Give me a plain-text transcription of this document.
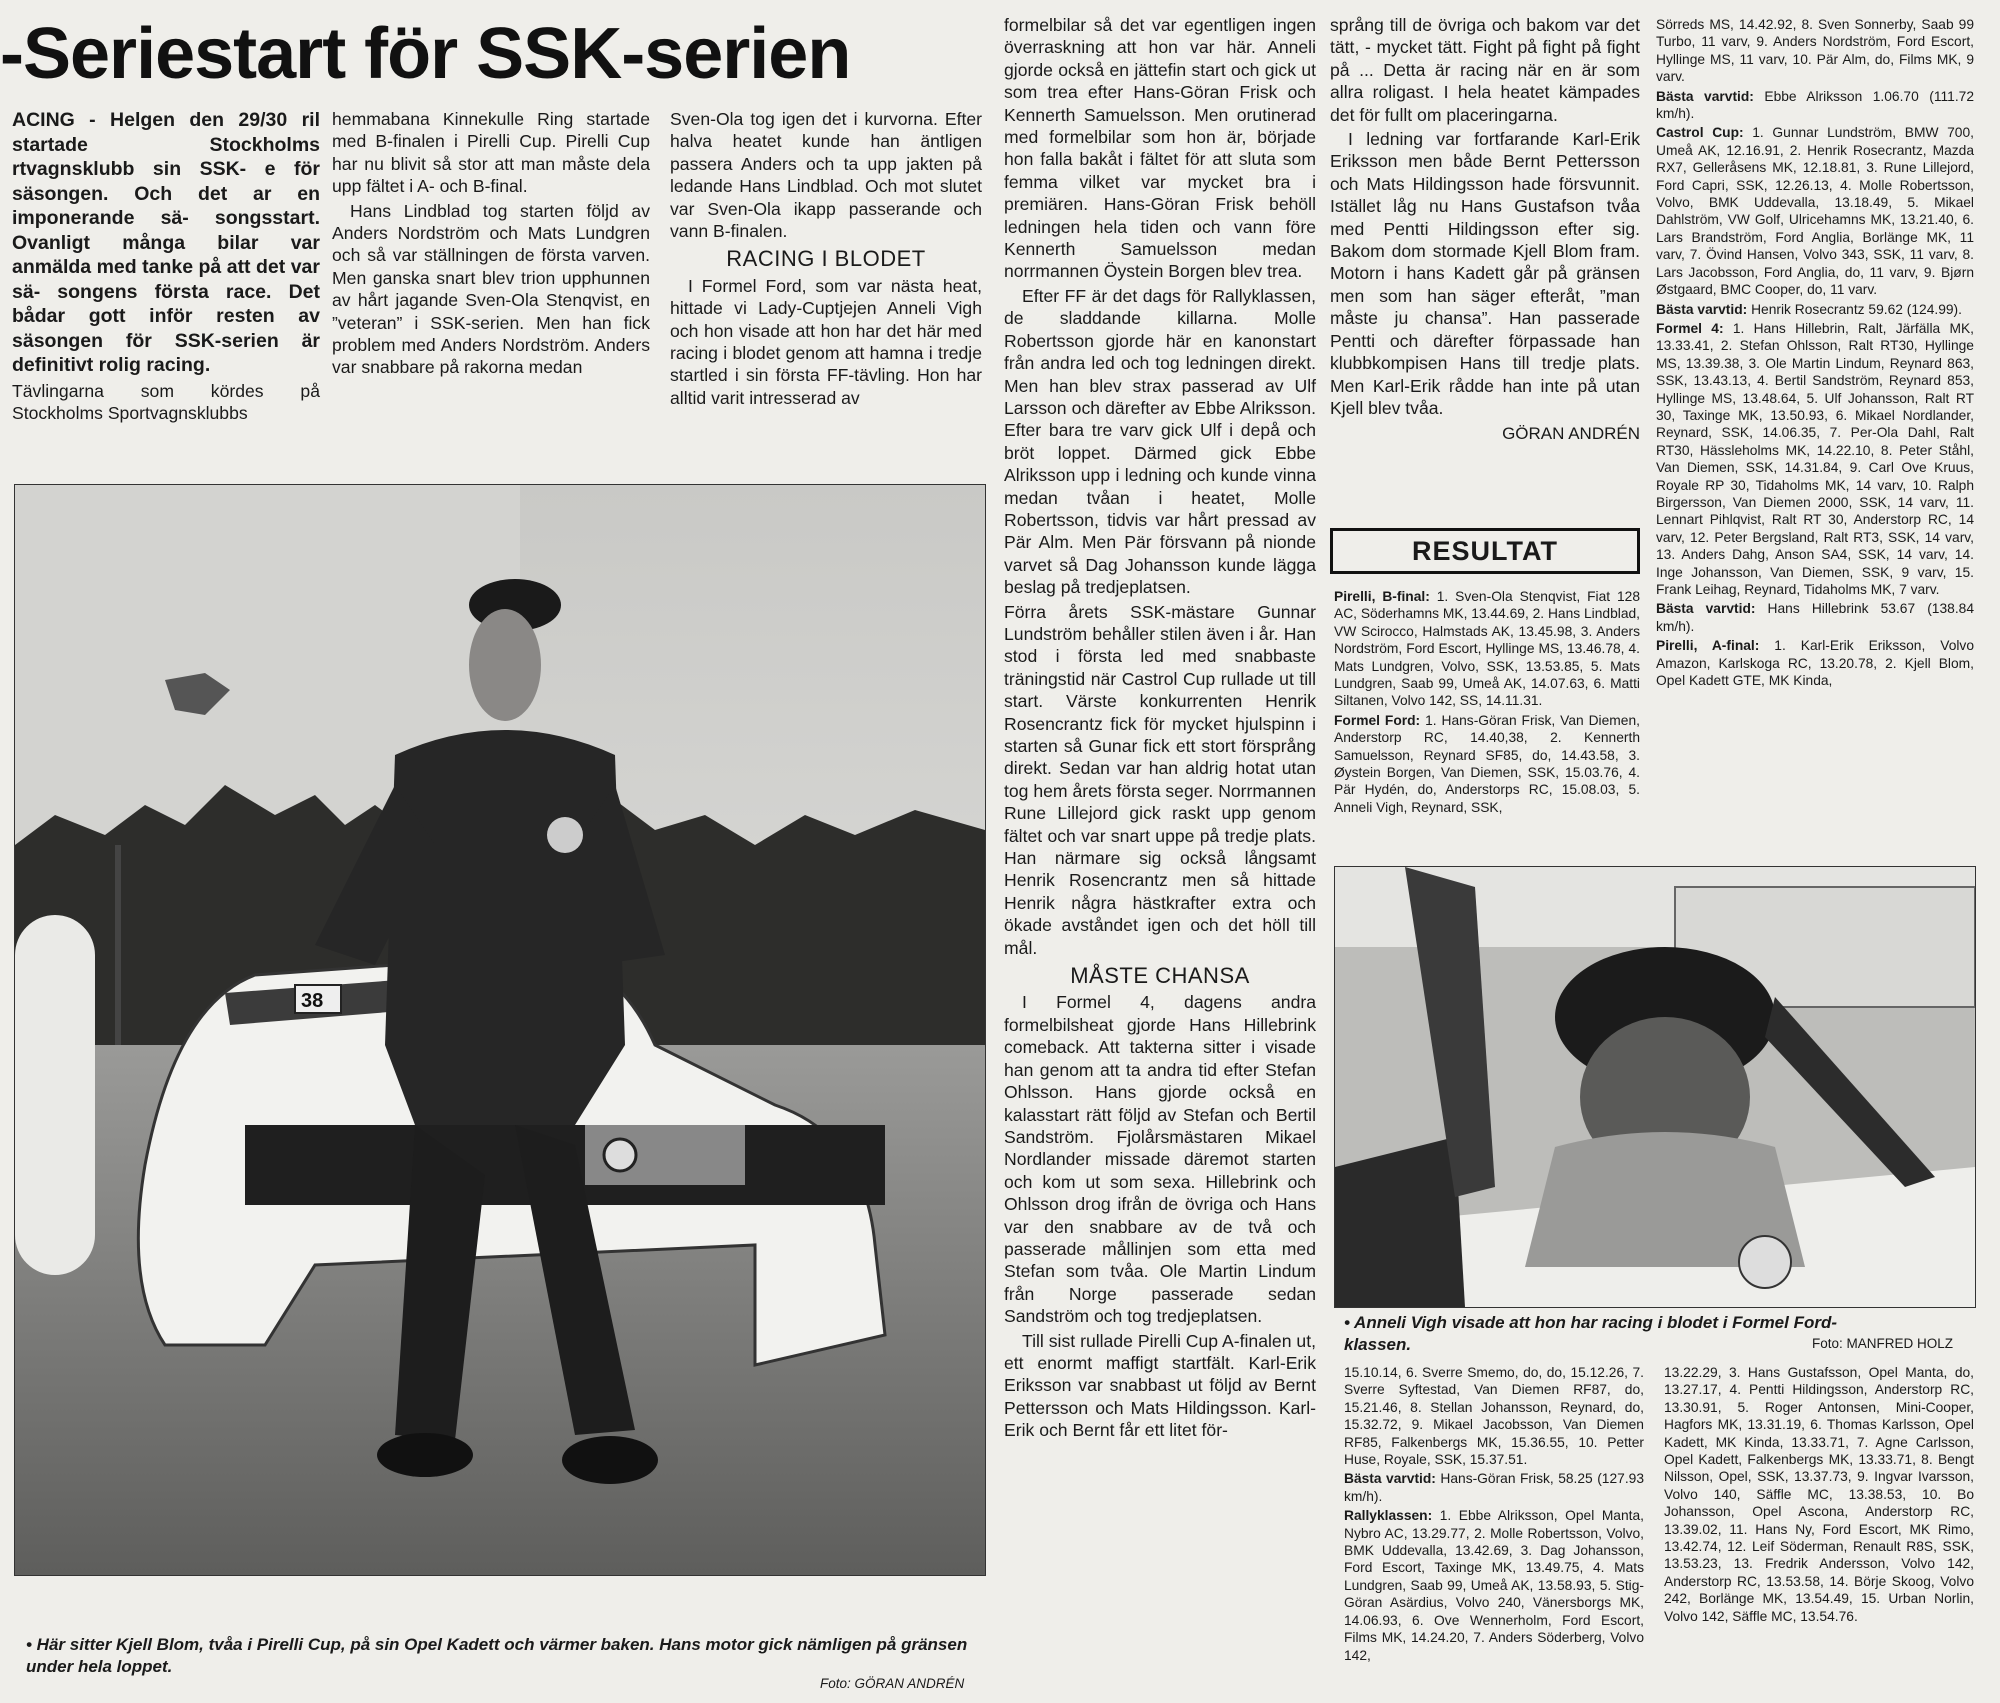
-Seriestart för SSK-serien

ACING - Helgen den 29/30 ril startade Stockholms rtvagnsklubb sin SSK- e för säsongen. Och det ar en imponerande sä- songsstart. Ovanligt många bilar var anmälda med tanke på att det var sä- songens första race. Det bådar gott inför resten av säsongen för SSK-serien är definitivt rolig racing.

Tävlingarna som kördes på Stockholms Sportvagnsklubbs

hemmabana Kinnekulle Ring startade med B-finalen i Pirelli Cup. Pirelli Cup har nu blivit så stor att man måste dela upp fältet i A- och B-final.

Hans Lindblad tog starten följd av Anders Nordström och Mats Lundgren och så var ställningen de första varven. Men ganska snart blev trion upphunnen av hårt jagande Sven-Ola Stenqvist, en ”veteran” i SSK-serien. Men han fick problem med Anders Nordström. Anders var snabbare på rakorna medan

Sven-Ola tog igen det i kurvorna. Efter halva heatet kunde han äntligen passera Anders och ta upp jakten på ledande Hans Lindblad. Och mot slutet var Sven-Ola ikapp passerande och vann B-finalen.

RACING I BLODET

I Formel Ford, som var nästa heat, hittade vi Lady-Cuptjejen Anneli Vigh och hon visade att hon har det här med racing i blodet genom att hamna i tredje startled i sin första FF-tävling. Hon har alltid varit intresserad av

38
• Här sitter Kjell Blom, tvåa i Pirelli Cup, på sin Opel Kadett och värmer baken. Hans motor gick nämligen på gränsen under hela loppet.
Foto: GÖRAN ANDRÉN

formelbilar så det var egentligen ingen överraskning att hon var här. Anneli gjorde också en jättefin start och gick ut som trea efter Hans-Göran Frisk och Kennerth Samuelsson. Men orutinerad med formelbilar som hon är, började hon falla bakåt i fältet för att sluta som femma vilket var mycket bra i premiären. Hans-Göran Frisk behöll ledningen hela tiden och vann före Kennerth Samuelsson medan norrmannen Öystein Borgen blev trea.

Efter FF är det dags för Rallyklassen, de sladdande killarna. Molle Robertsson gjorde här en kanonstart från andra led och tog ledningen direkt. Men han blev strax passerad av Ulf Larsson och därefter av Ebbe Alriksson. Efter bara tre varv gick Ulf i depå och bröt loppet. Därmed gick Ebbe Alriksson upp i ledning och kunde vinna medan tvåan i heatet, Molle Robertsson, tidvis var hårt pressad av Pär Alm. Men Pär försvann på nionde varvet så Dag Johansson kunde lägga beslag på tredjeplatsen.

Förra årets SSK-mästare Gunnar Lundström behåller stilen även i år. Han stod i första led med snabbaste träningstid när Castrol Cup rullade ut till start. Värste konkurrenten Henrik Rosencrantz fick för mycket hjulspinn i starten så Gunar fick ett stort försprång direkt. Sedan var han aldrig hotat utan tog hem årets första seger. Norrmannen Rune Lillejord gick raskt upp genom fältet och var snart uppe på tredje plats. Han närmare sig också långsamt Henrik Rosencrantz men så hittade Henrik några hästkrafter extra och ökade avståndet igen och det höll till mål.

MÅSTE CHANSA

I Formel 4, dagens andra formelbilsheat gjorde Hans Hillebrink comeback. Att takterna sitter i visade han genom att ta andra tid efter Stefan Ohlsson. Hans gjorde också en kalasstart rätt följd av Stefan och Bertil Sandström. Fjolårsmästaren Mikael Nordlander missade däremot starten och kom ut som sexa. Hillebrink och Ohlsson drog ifrån de övriga och Hans var den snabbare av de två och passerade mållinjen som etta med Stefan som tvåa. Ole Martin Lindum från Norge passerade sedan Sandström och tog tredjeplatsen.

Till sist rullade Pirelli Cup A-finalen ut, ett enormt maffigt startfält. Karl-Erik Eriksson var snabbast ut följd av Bernt Pettersson och Mats Hildingsson. Karl-Erik och Bernt får ett litet för-

språng till de övriga och bakom var det tätt, - mycket tätt. Fight på fight på fight på ... Detta är racing när en är som allra roligast. I hela heatet kämpades det för fullt om placeringarna.

I ledning var fortfarande Karl-Erik Eriksson men både Bernt Pettersson och Mats Hildingsson hade försvunnit. Istället låg nu Hans Gustafson tvåa med Pentti Hildingsson efter sig. Bakom dom stormade Kjell Blom fram. Motorn i hans Kadett går på gränsen men som han säger efteråt, ”man måste ju chansa”. Han passerade Pentti och därefter förpassade han klubbkompisen Hans till tredje plats. Men Karl-Erik rådde han inte på utan Kjell blev tvåa.

GÖRAN ANDRÉN
RESULTAT

Pirelli, B-final: 1. Sven-Ola Stenqvist, Fiat 128 AC, Söderhamns MK, 13.44.69, 2. Hans Lindblad, VW Scirocco, Halmstads AK, 13.45.98, 3. Anders Nordström, Ford Escort, Hyllinge MS, 13.46.78, 4. Mats Lundgren, Volvo, SSK, 13.53.85, 5. Mats Lundgren, Saab 99, Umeå AK, 14.07.63, 6. Matti Siltanen, Volvo 142, SS, 14.11.31.

Formel Ford: 1. Hans-Göran Frisk, Van Diemen, Anderstorp RC, 14.40,38, 2. Kennerth Samuelsson, Reynard SF85, do, 14.43.58, 3. Øystein Borgen, Van Diemen, SSK, 15.03.76, 4. Pär Hydén, do, Anderstorps RC, 15.08.03, 5. Anneli Vigh, Reynard, SSK,

Sörreds MS, 14.42.92, 8. Sven Sonnerby, Saab 99 Turbo, 11 varv, 9. Anders Nordström, Ford Escort, Hyllinge MS, 11 varv, 10. Pär Alm, do, Films MK, 9 varv.

Bästa varvtid: Ebbe Alriksson 1.06.70 (111.72 km/h).

Castrol Cup: 1. Gunnar Lundström, BMW 700, Umeå AK, 12.16.91, 2. Henrik Rosecrantz, Mazda RX7, Gelleråsens MK, 12.18.81, 3. Rune Lillejord, Ford Capri, SSK, 12.26.13, 4. Molle Robertsson, Volvo, BMK Uddevalla, 13.18.49, 5. Mikael Dahlström, VW Golf, Ulricehamns MK, 13.21.40, 6. Lars Brandström, Ford Anglia, Borlänge MK, 11 varv, 7. Övind Hansen, Volvo 343, SSK, 11 varv, 8. Lars Jacobsson, Ford Anglia, do, 11 varv, 9. Bjørn Østgaard, BMC Cooper, do, 11 varv.

Bästa varvtid: Henrik Rosecrantz 59.62 (124.99).

Formel 4: 1. Hans Hillebrin, Ralt, Järfälla MK, 13.33.41, 2. Stefan Ohlsson, Ralt RT30, Hyllinge MS, 13.39.38, 3. Ole Martin Lindum, Reynard 863, SSK, 13.43.13, 4. Bertil Sandström, Reynard 853, Hyllinge MS, 13.48.64, 5. Ulf Johansson, Ralt RT 30, Taxinge MK, 13.50.93, 6. Mikael Nordlander, Reynard, SSK, 14.06.35, 7. Per-Ola Dahl, Ralt RT30, Hässleholms MK, 14.22.10, 8. Peter Ståhl, Van Diemen, SSK, 14.31.84, 9. Carl Ove Kruus, Royale RP 30, Tidaholms MK, 14 varv, 10. Ralph Birgersson, Van Diemen 2000, SSK, 14 varv, 11. Lennart Pihlqvist, Ralt RT 30, Anderstorp RC, 14 varv, 12. Peter Bergsland, Ralt RT3, SSK, 14 varv, 13. Anders Dahg, Anson SA4, SSK, 14 varv, 14. Inge Johansson, Van Diemen, SSK, 9 varv, 15. Frank Leihag, Reynard, Tidaholms MK, 7 varv.

Bästa varvtid: Hans Hillebrink 53.67 (138.84 km/h).

Pirelli, A-final: 1. Karl-Erik Eriksson, Volvo Amazon, Karlskoga RC, 13.20.78, 2. Kjell Blom, Opel Kadett GTE, MK Kinda,

• Anneli Vigh visade att hon har racing i blodet i Formel Ford-klassen.	Foto: MANFRED HOLZ

15.10.14, 6. Sverre Smemo, do, do, 15.12.26, 7. Sverre Syftestad, Van Diemen RF87, do, 15.21.46, 8. Stellan Johansson, Reynard, do, 15.32.72, 9. Mikael Jacobsson, Van Diemen RF85, Falkenbergs MK, 15.36.55, 10. Petter Huse, Royale, SSK, 15.37.51.

Bästa varvtid: Hans-Göran Frisk, 58.25 (127.93 km/h).

Rallyklassen: 1. Ebbe Alriksson, Opel Manta, Nybro AC, 13.29.77, 2. Molle Robertsson, Volvo, BMK Uddevalla, 13.42.69, 3. Dag Johansson, Ford Escort, Taxinge MK, 13.49.75, 4. Mats Lundgren, Saab 99, Umeå AK, 13.58.93, 5. Stig-Göran Asärdius, Volvo 240, Vänersborgs MK, 14.06.93, 6. Ove Wennerholm, Ford Escort, Films MK, 14.24.20, 7. Anders Söderberg, Volvo 142,

13.22.29, 3. Hans Gustafsson, Opel Manta, do, 13.27.17, 4. Pentti Hildingsson, Anderstorp RC, 13.30.91, 5. Roger Antonsen, Mini-Cooper, Hagfors MK, 13.31.19, 6. Thomas Karlsson, Opel Kadett, MK Kinda, 13.33.71, 7. Agne Carlsson, Opel Kadett, Falkenbergs MK, 13.33.71, 8. Bengt Nilsson, Opel, SSK, 13.37.73, 9. Ingvar Ivarsson, Volvo 140, Säffle MC, 13.38.53, 10. Bo Johansson, Opel Ascona, Anderstorp RC, 13.39.02, 11. Hans Ny, Ford Escort, MK Rimo, 13.42.74, 12. Leif Söderman, Renault R8S, SSK, 13.53.23, 13. Fredrik Andersson, Volvo 142, Anderstorp RC, 13.53.58, 14. Börje Skoog, Volvo 242, Borlänge MK, 13.54.49, 15. Urban Norlin, Volvo 142, Säffle MC, 13.54.76.
